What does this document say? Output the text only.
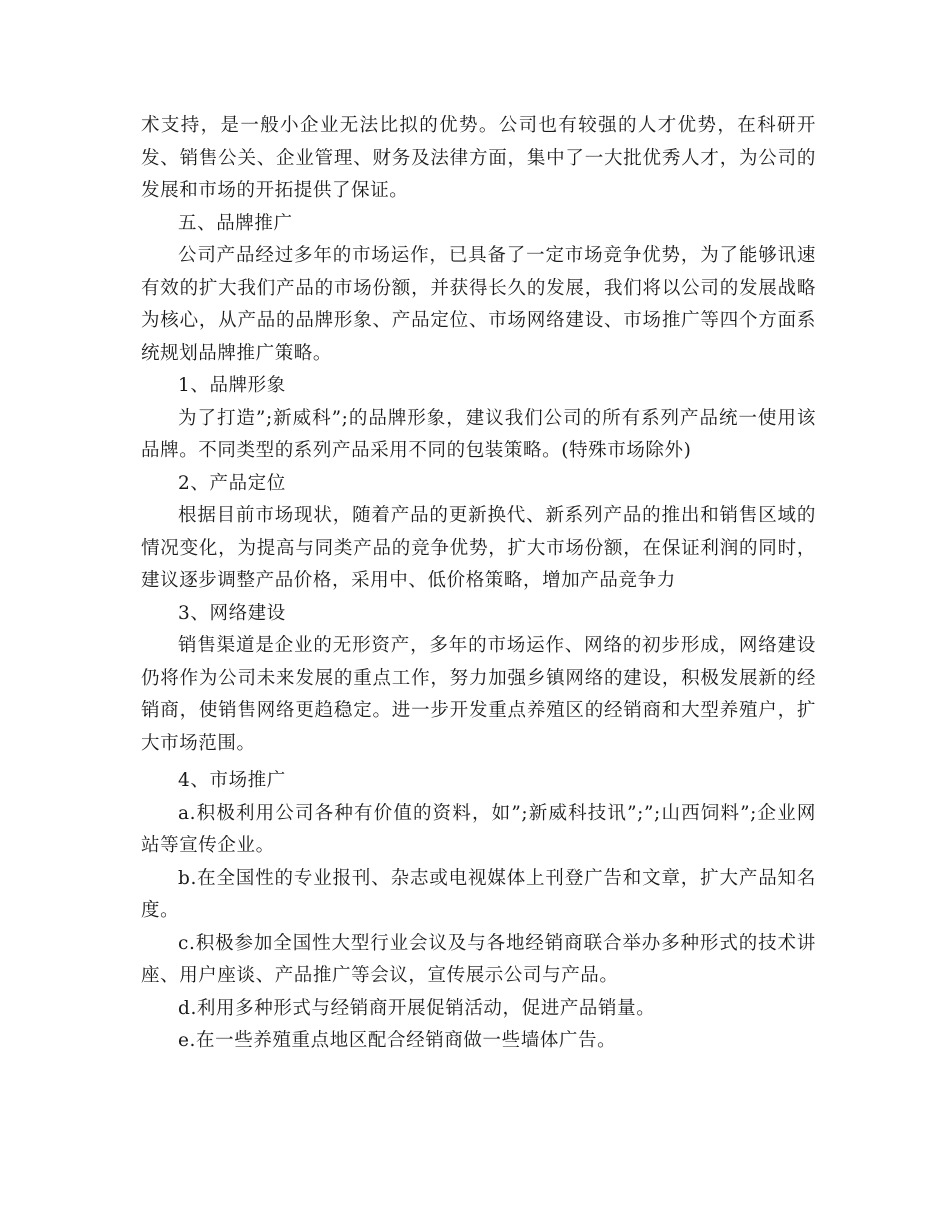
术支持，是一般小企业无法比拟的优势。公司也有较强的人才优势，在科研开发、销售公关、企业管理、财务及法律方面，集中了一大批优秀人才，为公司的发展和市场的开拓提供了保证。

五、品牌推广

公司产品经过多年的市场运作，已具备了一定市场竞争优势，为了能够讯速有效的扩大我们产品的市场份额，并获得长久的发展，我们将以公司的发展战略为核心，从产品的品牌形象、产品定位、市场网络建设、市场推广等四个方面系统规划品牌推广策略。

1、品牌形象

为了打造”;新威科”;的品牌形象，建议我们公司的所有系列产品统一使用该品牌。不同类型的系列产品采用不同的包装策略。(特殊市场除外)

2、产品定位

根据目前市场现状，随着产品的更新换代、新系列产品的推出和销售区域的情况变化，为提高与同类产品的竞争优势，扩大市场份额，在保证利润的同时，建议逐步调整产品价格，采用中、低价格策略，增加产品竞争力

3、网络建设

销售渠道是企业的无形资产，多年的市场运作、网络的初步形成，网络建设仍将作为公司未来发展的重点工作，努力加强乡镇网络的建设，积极发展新的经销商，使销售网络更趋稳定。进一步开发重点养殖区的经销商和大型养殖户，扩大市场范围。

4、市场推广

a.积极利用公司各种有价值的资料，如”;新威科技讯”;”;山西饲料”;企业网站等宣传企业。

b.在全国性的专业报刊、杂志或电视媒体上刊登广告和文章，扩大产品知名度。

c.积极参加全国性大型行业会议及与各地经销商联合举办多种形式的技术讲座、用户座谈、产品推广等会议，宣传展示公司与产品。

d.利用多种形式与经销商开展促销活动，促进产品销量。

e.在一些养殖重点地区配合经销商做一些墙体广告。
